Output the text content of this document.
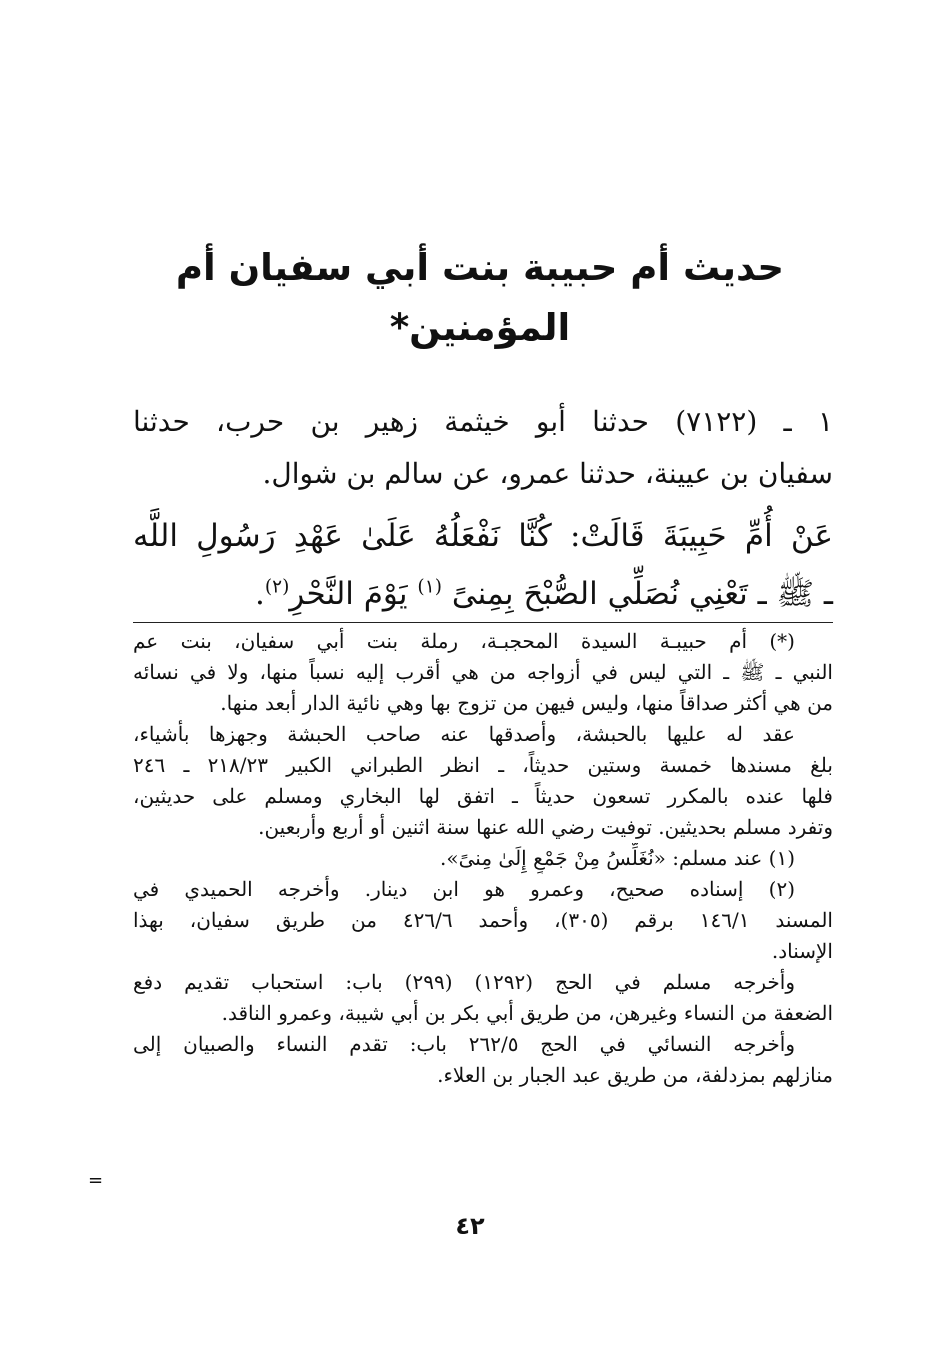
حديث أم حبيبة بنت أبي سفيان أم المؤمنين*

١ ـ (٧١٢٢) حدثنا أبو خيثمة زهير بن حرب، حدثنا

سفيان بن عيينة، حدثنا عمرو، عن سالم بن شوال.

عَنْ أُمِّ حَبِيبَةَ قَالَتْ: كُنَّا نَفْعَلُهُ عَلَىٰ عَهْدِ رَسُولِ اللَّه

ـ ﷺ ـ تَعْنِي نُصَلِّي الصُّبْحَ بِمِنىً $^{(١)}$ يَوْمَ النَّحْرِ$^{(٢)}$.

(*) أم حبيبـة السيدة المحجبـة، رملة بنت أبي سفيان، بنت عم

النبي ـ ﷺ ـ التي ليس في أزواجه من هي أقرب إليه نسباً منها، ولا في نسائه

من هي أكثر صداقاً منها، وليس فيهن من تزوج بها وهي نائية الدار أبعد منها.

عقد له عليها بالحبشة، وأصدقها عنه صاحب الحبشة وجهزها بأشياء،

بلغ مسندها خمسة وستين حديثاً، ـ انظر الطبراني الكبير ٢١٨/٢٣ ـ ٢٤٦

فلها عنده بالمكرر تسعون حديثاً ـ اتفق لها البخاري ومسلم على حديثين،

وتفرد مسلم بحديثين. توفيت رضي الله عنها سنة اثنين أو أربع وأربعين.

(١) عند مسلم: «نُغَلِّسُ مِنْ جَمْعٍ إِلَىٰ مِنىً».

(٢) إسناده صحيح، وعمرو هو ابن دينار. وأخرجه الحميدي في

المسند ١٤٦/١ برقم (٣٠٥)، وأحمد ٤٢٦/٦ من طريق سفيان، بهذا

الإسناد.

وأخرجه مسلم في الحج (١٢٩٢) (٢٩٩) باب: استحباب تقديم دفع

الضعفة من النساء وغيرهن، من طريق أبي بكر بن أبي شيبة، وعمرو الناقد.

وأخرجه النسائي في الحج ٢٦٢/٥ باب: تقدم النساء والصبيان إلى

منازلهم بمزدلفة، من طريق عبد الجبار بن العلاء.

=

٤٢
